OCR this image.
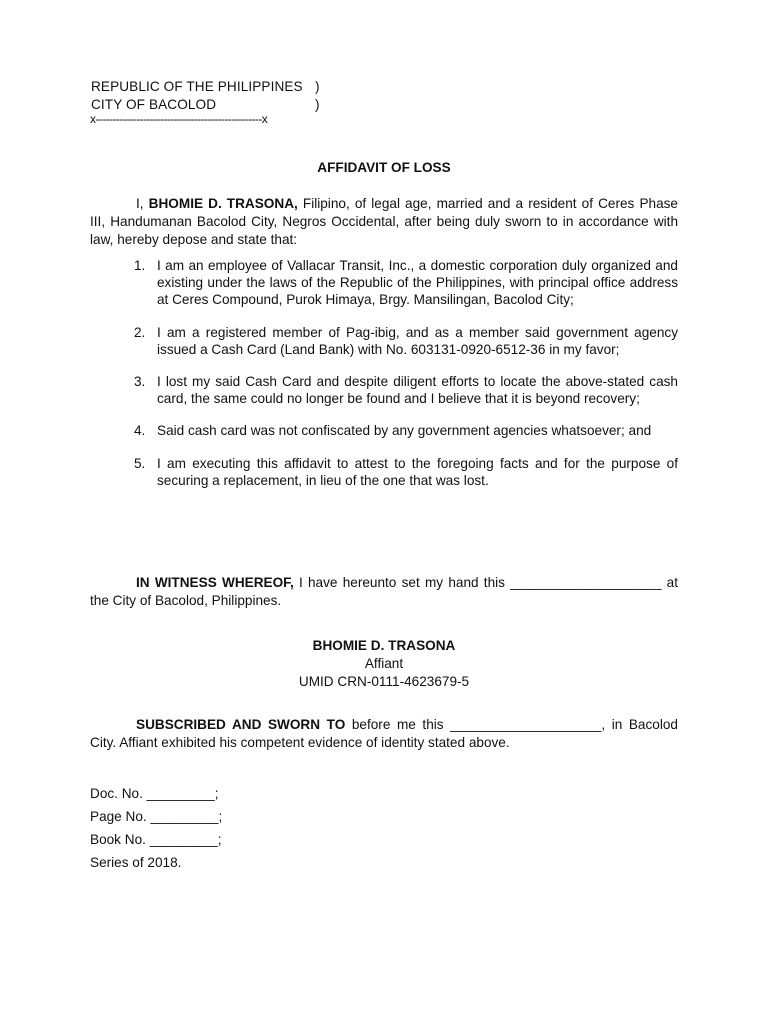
REPUBLIC OF THE PHILIPPINES )
CITY OF BACOLOD	)
x-------------------------------------------------x
AFFIDAVIT OF LOSS
I, BHOMIE D. TRASONA, Filipino, of legal age, married and a resident of Ceres Phase III, Handumanan Bacolod City, Negros Occidental, after being duly sworn to in accordance with law, hereby depose and state that:
1. I am an employee of Vallacar Transit, Inc., a domestic corporation duly organized and existing under the laws of the Republic of the Philippines, with principal office address at Ceres Compound, Purok Himaya, Brgy. Mansilingan, Bacolod City;
2. I am a registered member of Pag-ibig, and as a member said government agency issued a Cash Card (Land Bank) with No. 603131-0920-6512-36 in my favor;
3. I lost my said Cash Card and despite diligent efforts to locate the above-stated cash card, the same could no longer be found and I believe that it is beyond recovery;
4. Said cash card was not confiscated by any government agencies whatsoever; and
5. I am executing this affidavit to attest to the foregoing facts and for the purpose of securing a replacement, in lieu of the one that was lost.
IN WITNESS WHEREOF, I have hereunto set my hand this ____________________ at the City of Bacolod, Philippines.
BHOMIE D. TRASONA
Affiant
UMID CRN-0111-4623679-5
SUBSCRIBED AND SWORN TO before me this ____________________, in Bacolod City. Affiant exhibited his competent evidence of identity stated above.
Doc. No. _________;
Page No. _________;
Book No. _________;
Series of 2018.
